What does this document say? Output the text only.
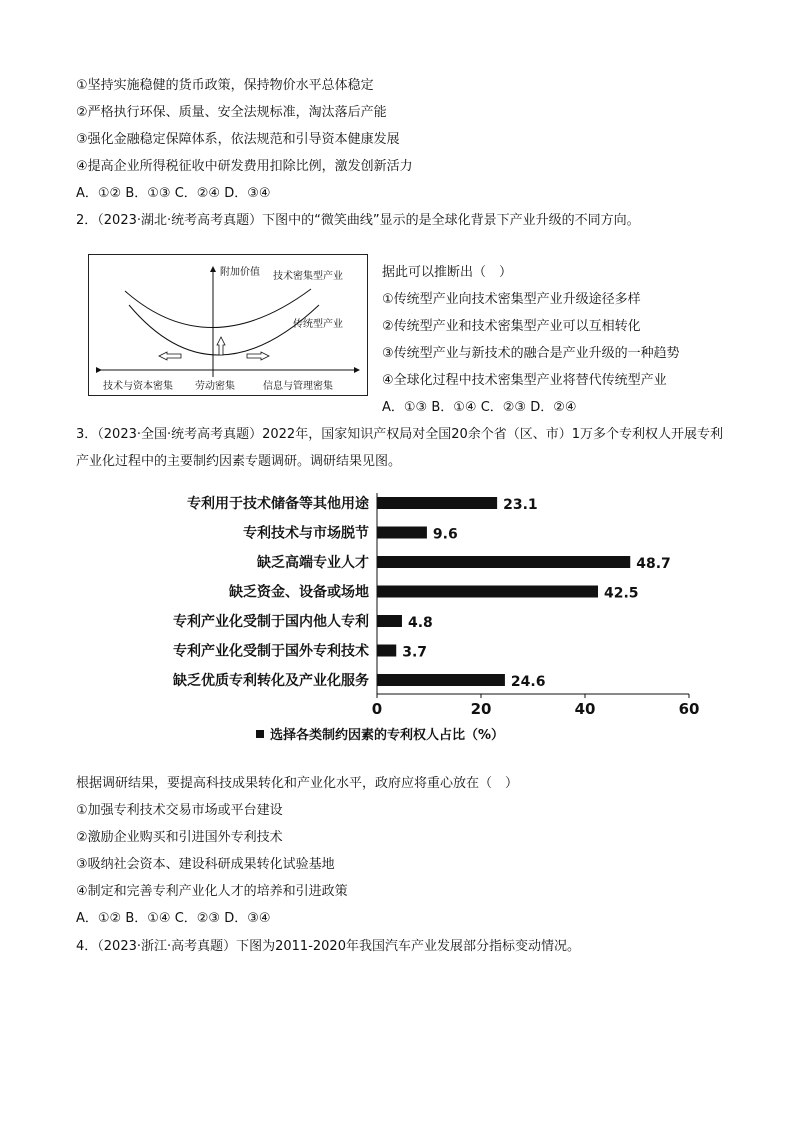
①坚持实施稳健的货币政策，保持物价水平总体稳定
②严格执行环保、质量、安全法规标准，淘汰落后产能
③强化金融稳定保障体系，依法规范和引导资本健康发展
④提高企业所得税征收中研发费用扣除比例，激发创新活力
A．①② B．①③ C．②④ D．③④
2．（2023·湖北·统考高考真题）下图中的“微笑曲线”显示的是全球化背景下产业升级的不同方向。
附加价值 技术密集型产业
传统型产业
技术与资本密集 劳动密集	信息与管理密集
据此可以推断出（　）
①传统型产业向技术密集型产业升级途径多样
②传统型产业和技术密集型产业可以互相转化
③传统型产业与新技术的融合是产业升级的一种趋势
④全球化过程中技术密集型产业将替代传统型产业
A．①③ B．①④ C．②③ D．②④
3．（2023·全国·统考高考真题）2022年，国家知识产权局对全国20余个省（区、市）1万多个专利权人开展专利产业化过程中的主要制约因素专题调研。调研结果见图。
专利用于技术储备等其他用途	23.1
专利技术与市场脱节	9.6
缺乏高端专业人才	48.7
缺乏资金、设备或场地	42.5
专利产业化受制于国内他人专利	4.8
专利产业化受制于国外专利技术 3.7
缺乏优质专利转化及产业化服务	24.6
0	20	40	60
选择各类制约因素的专利权人占比（%）
根据调研结果，要提高科技成果转化和产业化水平，政府应将重心放在（　）
①加强专利技术交易市场或平台建设
②激励企业购买和引进国外专利技术
③吸纳社会资本、建设科研成果转化试验基地
④制定和完善专利产业化人才的培养和引进政策
A．①② B．①④ C．②③ D．③④
4．（2023·浙江·高考真题）下图为2011-2020年我国汽车产业发展部分指标变动情况。
